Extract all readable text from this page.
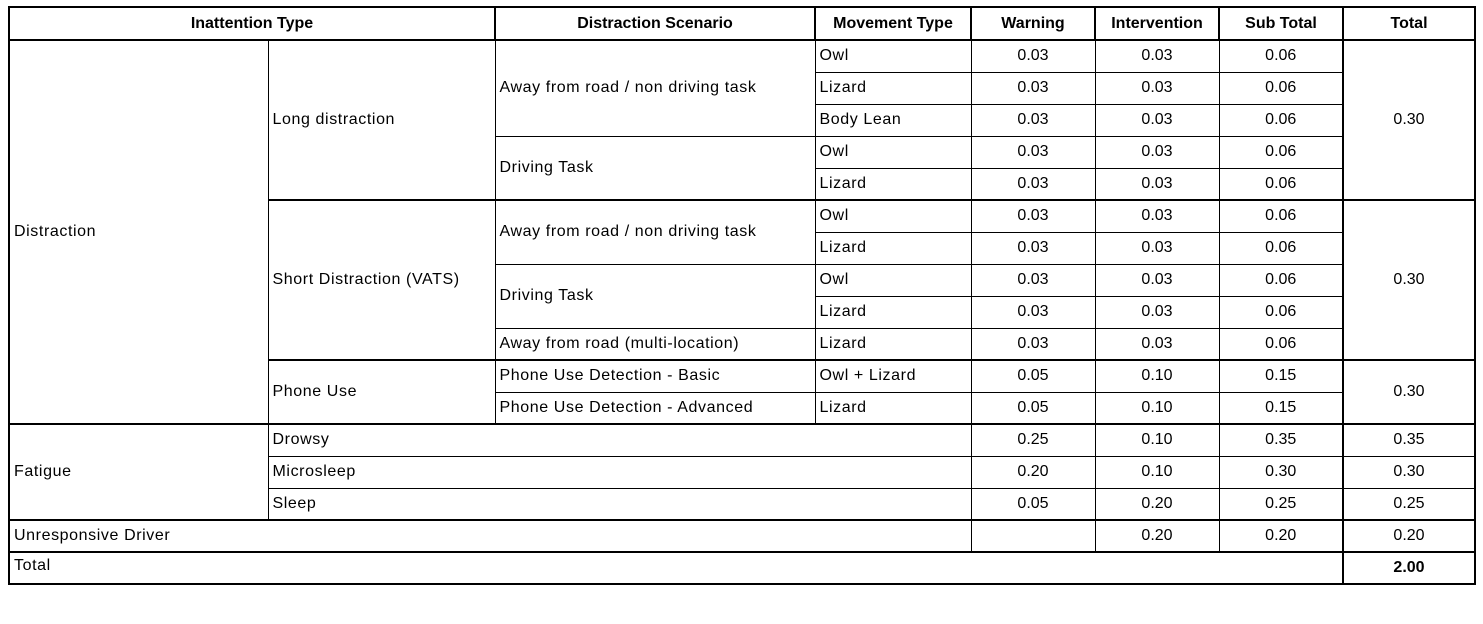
Inattention Type		Distraction Scenario	Movement Type	Warning	Intervention	Sub Total	Total
Distraction	Long distraction	Away from road / non driving task	Owl	0.03	0.03	0.06	0.30
			Lizard	0.03	0.03	0.06	
			Body Lean	0.03	0.03	0.06	
		Driving Task	Owl	0.03	0.03	0.06	
			Lizard	0.03	0.03	0.06	
	Short Distraction (VATS)	Away from road / non driving task	Owl	0.03	0.03	0.06	0.30
			Lizard	0.03	0.03	0.06	
		Driving Task	Owl	0.03	0.03	0.06	
			Lizard	0.03	0.03	0.06	
		Away from road (multi-location)	Lizard	0.03	0.03	0.06	
	Phone Use	Phone Use Detection - Basic	Owl + Lizard	0.05	0.10	0.15	0.30
		Phone Use Detection - Advanced	Lizard	0.05	0.10	0.15	
Fatigue	Drowsy			0.25	0.10	0.35	0.35
	Microsleep			0.20	0.10	0.30	0.30
	Sleep			0.05	0.20	0.25	0.25
Unresponsive Driver					0.20	0.20	0.20
Total							2.00
